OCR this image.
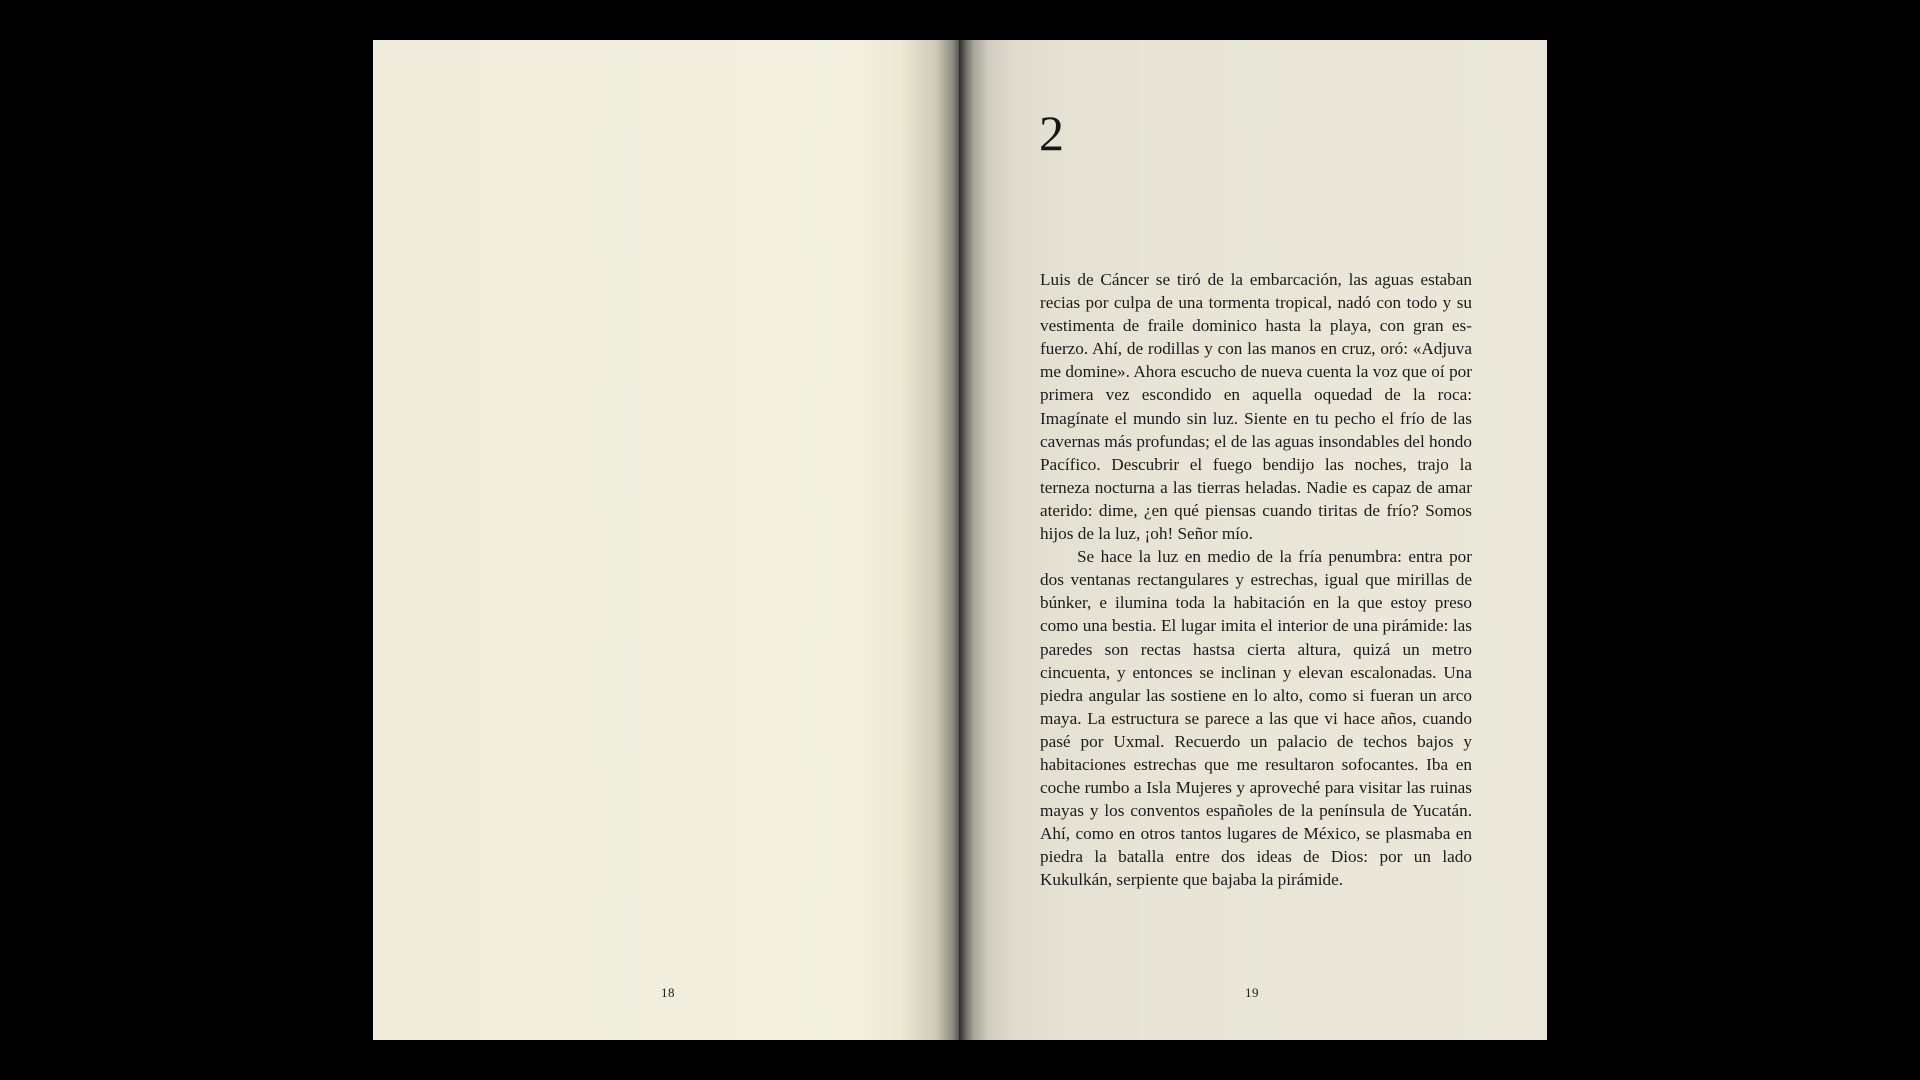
18
2

Luis de Cáncer se tiró de la embarcación, las aguas estaban recias por culpa de una tormenta tropical, nadó con todo y su vestimenta de fraile dominico hasta la playa, con gran esfuerzo. Ahí, de rodillas y con las manos en cruz, oró: «Adjuva me domine». Ahora escucho de nueva cuenta la voz que oí por primera vez escondido en aquella oquedad de la roca: Imagínate el mundo sin luz. Siente en tu pecho el frío de las cavernas más profundas; el de las aguas insondables del hondo Pacífico. Descubrir el fuego bendijo las noches, trajo la terneza nocturna a las tierras heladas. Nadie es capaz de amar aterido: dime, ¿en qué piensas cuando tiritas de frío? Somos hijos de la luz, ¡oh! Señor mío.

Se hace la luz en medio de la fría penumbra: entra por dos ventanas rectangulares y estrechas, igual que mirillas de búnker, e ilumina toda la habitación en la que estoy preso como una bestia. El lugar imita el interior de una pirámide: las paredes son rectas hastsa cierta altura, quizá un metro cincuenta, y entonces se inclinan y elevan escalonadas. Una piedra angular las sostiene en lo alto, como si fueran un arco maya. La estructura se parece a las que vi hace años, cuando pasé por Uxmal. Recuerdo un palacio de techos bajos y habitaciones estrechas que me resultaron sofocantes. Iba en coche rumbo a Isla Mujeres y aproveché para visitar las ruinas mayas y los conventos españoles de la península de Yucatán. Ahí, como en otros tantos lugares de México, se plasmaba en piedra la batalla entre dos ideas de Dios: por un lado Kukulkán, serpiente que bajaba la pirámide.

19
